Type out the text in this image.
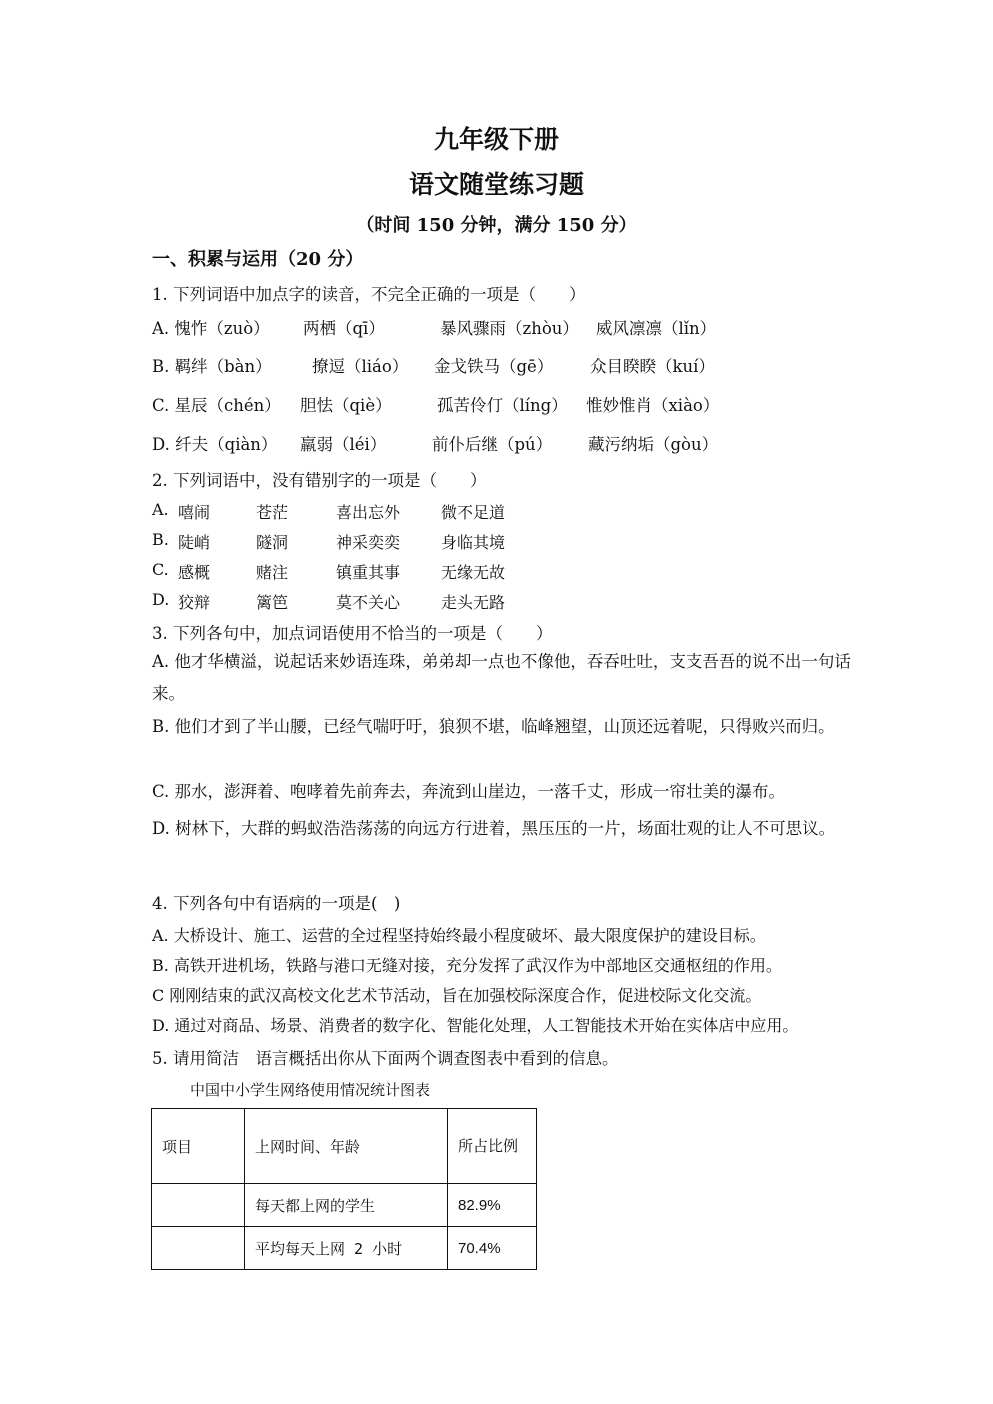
九年级下册
语文随堂练习题
（时间 150 分钟，满分 150 分）
一、积累与运用（20 分）
1. 下列词语中加点字的读音，不完全正确的一项是（　　）
A. 愧怍（zuò） 两栖（qī）	暴风骤雨（zhòu） 威风凛凛（lǐn）
B. 羁绊（bàn） 撩逗（liáo） 金戈铁马（gē） 众目睽睽（kuí）
C. 星辰（chén） 胆怯（qiè）	孤苦伶仃（líng） 惟妙惟肖（xiào）
D. 纤夫（qiàn） 羸弱（léi）	前仆后继（pú） 藏污纳垢（gòu）
2. 下列词语中，没有错别字的一项是（　　）
A. 嘻闹	苍茫	喜出忘外	微不足道
B. 陡峭	隧洞	神采奕奕	身临其境
C. 感概	赌注	镇重其事	无缘无故
D. 狡辩	篱笆	莫不关心	走头无路
3. 下列各句中，加点词语使用不恰当的一项是（　　）
A. 他才华横溢，说起话来妙语连珠，弟弟却一点也不像他，吞吞吐吐，支支吾吾的说不出一句话来。
B. 他们才到了半山腰，已经气喘吁吁，狼狈不堪，临峰翘望，山顶还远着呢，只得败兴而归。
C. 那水，澎湃着、咆哮着先前奔去，奔流到山崖边，一落千丈，形成一帘壮美的瀑布。
D. 树林下，大群的蚂蚁浩浩荡荡的向远方行进着，黑压压的一片，场面壮观的让人不可思议。
4. 下列各句中有语病的一项是(　)
A. 大桥设计、施工、运营的全过程坚持始终最小程度破坏、最大限度保护的建设目标。
B. 高铁开进机场，铁路与港口无缝对接，充分发挥了武汉作为中部地区交通枢纽的作用。
C 刚刚结束的武汉高校文化艺术节活动，旨在加强校际深度合作，促进校际文化交流。
D. 通过对商品、场景、消费者的数字化、智能化处理，人工智能技术开始在实体店中应用。
5. 请用简洁　语言概括出你从下面两个调查图表中看到的信息。
中国中小学生网络使用情况统计图表
项目	上网时间、年龄	所占比例
	每天都上网的学生	82.9%
	平均每天上网 2 小时	70.4%
